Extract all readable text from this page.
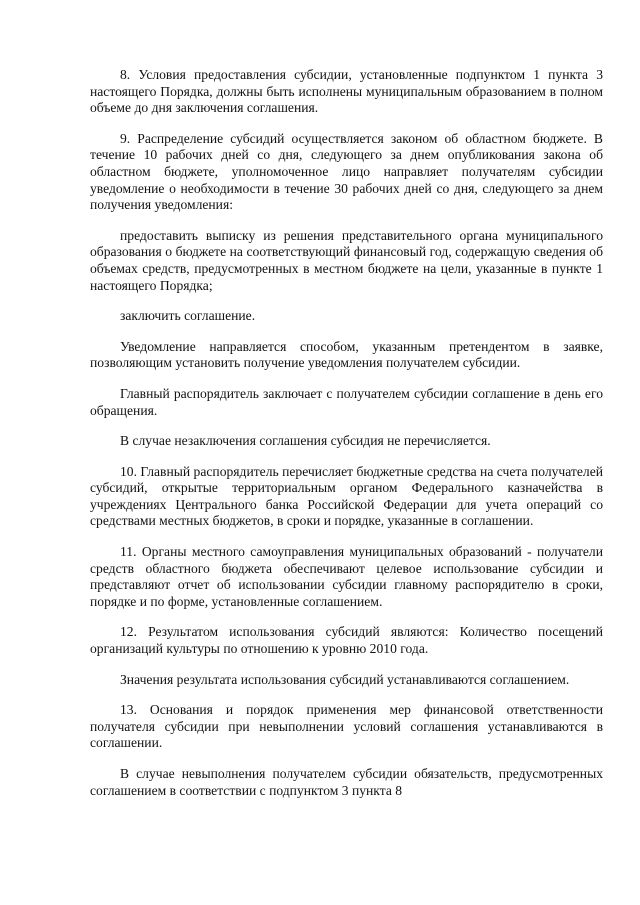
8. Условия предоставления субсидии, установленные подпунктом 1 пункта 3 настоящего Порядка, должны быть исполнены муниципальным образованием в полном объеме до дня заключения соглашения.

9. Распределение субсидий осуществляется законом об областном бюджете. В течение 10 рабочих дней со дня, следующего за днем опубликования закона об областном бюджете, уполномоченное лицо направляет получателям субсидии уведомление о необходимости в течение 30 рабочих дней со дня, следующего за днем получения уведомления:

предоставить выписку из решения представительного органа муниципального образования о бюджете на соответствующий финансовый год, содержащую сведения об объемах средств, предусмотренных в местном бюджете на цели, указанные в пункте 1 настоящего Порядка;

заключить соглашение.

Уведомление направляется способом, указанным претендентом в заявке, позволяющим установить получение уведомления получателем субсидии.

Главный распорядитель заключает с получателем субсидии соглашение в день его обращения.

В случае незаключения соглашения субсидия не перечисляется.

10. Главный распорядитель перечисляет бюджетные средства на счета получателей субсидий, открытые территориальным органом Федерального казначейства в учреждениях Центрального банка Российской Федерации для учета операций со средствами местных бюджетов, в сроки и порядке, указанные в соглашении.

11. Органы местного самоуправления муниципальных образований - получатели средств областного бюджета обеспечивают целевое использование субсидии и представляют отчет об использовании субсидии главному распорядителю в сроки, порядке и по форме, установленные соглашением.

12. Результатом использования субсидий являются: Количество посещений организаций культуры по отношению к уровню 2010 года.

Значения результата использования субсидий устанавливаются соглашением.

13. Основания и порядок применения мер финансовой ответственности получателя субсидии при невыполнении условий соглашения устанавливаются в соглашении.

В случае невыполнения получателем субсидии обязательств, предусмотренных соглашением в соответствии с подпунктом 3 пункта 8
